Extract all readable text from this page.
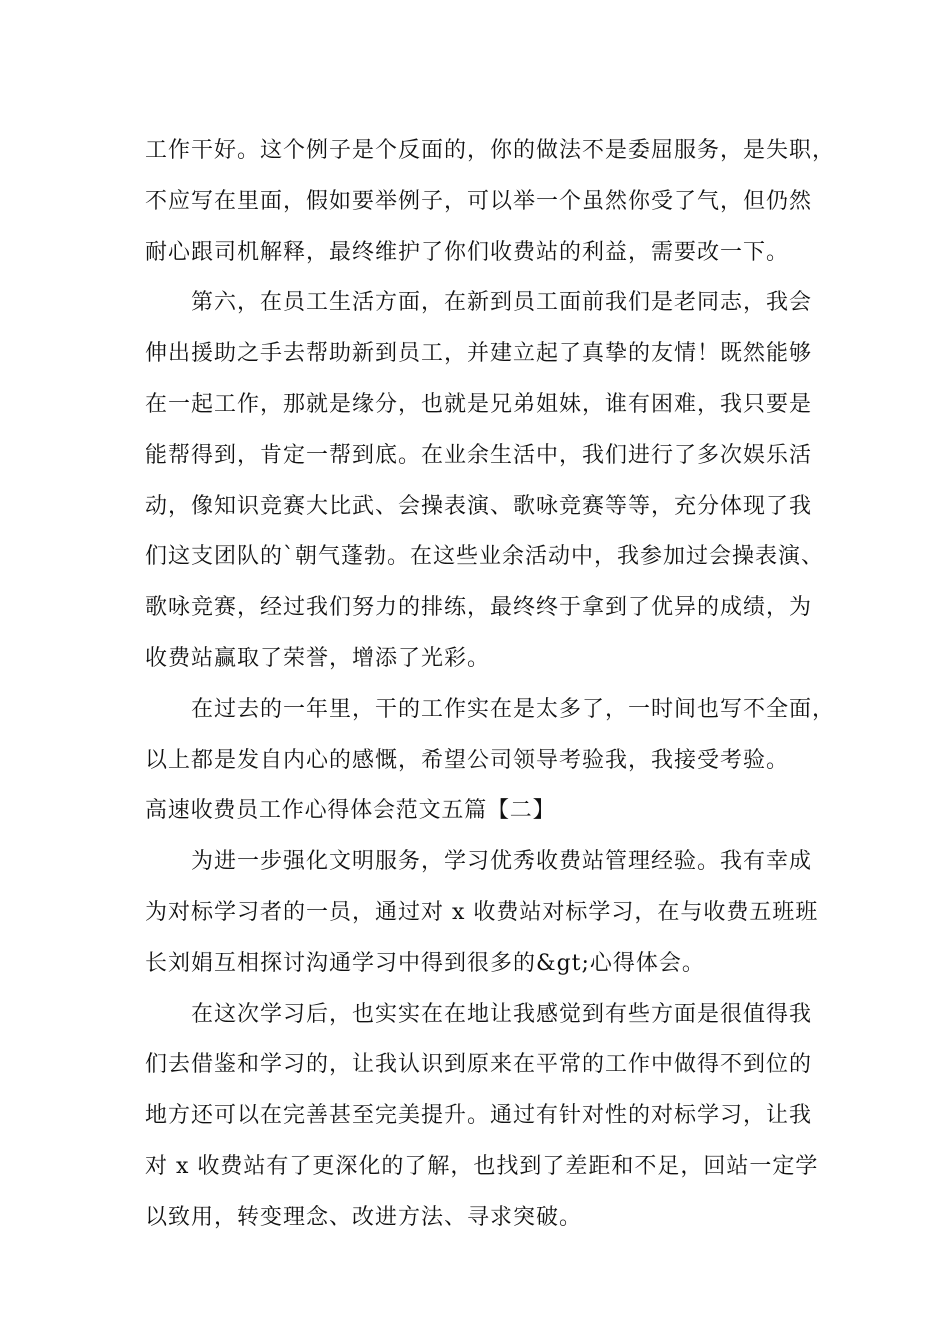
工作干好。这个例子是个反面的，你的做法不是委屈服务，是失职，
不应写在里面，假如要举例子，可以举一个虽然你受了气，但仍然
耐心跟司机解释，最终维护了你们收费站的利益，需要改一下。
　　第六，在员工生活方面，在新到员工面前我们是老同志，我会
伸出援助之手去帮助新到员工，并建立起了真挚的友情！既然能够
在一起工作，那就是缘分，也就是兄弟姐妹，谁有困难，我只要是
能帮得到，肯定一帮到底。在业余生活中，我们进行了多次娱乐活
动，像知识竞赛大比武、会操表演、歌咏竞赛等等，充分体现了我
们这支团队的`朝气蓬勃。在这些业余活动中，我参加过会操表演、
歌咏竞赛，经过我们努力的排练，最终终于拿到了优异的成绩，为
收费站赢取了荣誉，增添了光彩。
　　在过去的一年里，干的工作实在是太多了，一时间也写不全面，
以上都是发自内心的感慨，希望公司领导考验我，我接受考验。
高速收费员工作心得体会范文五篇【二】
　　为进一步强化文明服务，学习优秀收费站管理经验。我有幸成
为对标学习者的一员，通过对 x 收费站对标学习，在与收费五班班
长刘娟互相探讨沟通学习中得到很多的&gt;心得体会。
　　在这次学习后，也实实在在地让我感觉到有些方面是很值得我
们去借鉴和学习的，让我认识到原来在平常的工作中做得不到位的
地方还可以在完善甚至完美提升。通过有针对性的对标学习，让我
对 x 收费站有了更深化的了解，也找到了差距和不足，回站一定学
以致用，转变理念、改进方法、寻求突破。
